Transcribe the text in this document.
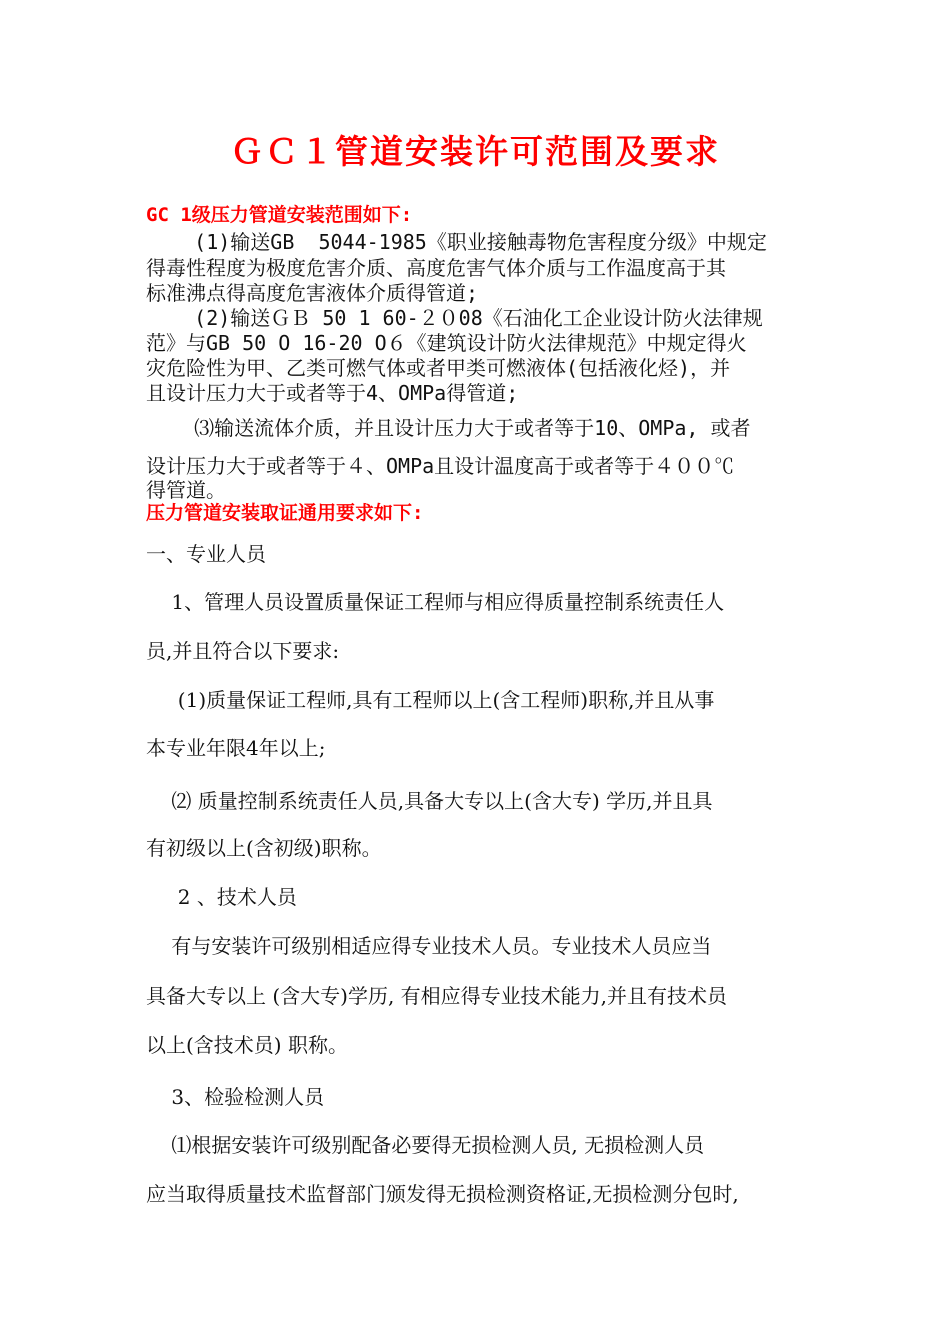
ＧＣ１管道安装许可范围及要求
GC 1级压力管道安装范围如下:
(1)输送GB  5044-1985《职业接触毒物危害程度分级》中规定
得毒性程度为极度危害介质、高度危害气体介质与工作温度高于其
标准沸点得高度危害液体介质得管道;
(2)输送ＧＢ 50 1 60-２０08《石油化工企业设计防火法律规
范》与GB 50 O 16-20 O６《建筑设计防火法律规范》中规定得火
灾危险性为甲、乙类可燃气体或者甲类可燃液体(包括液化烃)，并
且设计压力大于或者等于4、OMPa得管道;
⑶输送流体介质，并且设计压力大于或者等于10、OMPa, 或者
设计压力大于或者等于４、OMPa且设计温度高于或者等于４００℃
得管道。
压力管道安装取证通用要求如下:
一、专业人员
1、管理人员设置质量保证工程师与相应得质量控制系统责任人
员,并且符合以下要求:
(1)质量保证工程师,具有工程师以上(含工程师)职称,并且从事
本专业年限4年以上;
⑵ 质量控制系统责任人员,具备大专以上(含大专) 学历,并且具
有初级以上(含初级)职称。
2 、技术人员
有与安装许可级别相适应得专业技术人员。专业技术人员应当
具备大专以上 (含大专)学历, 有相应得专业技术能力,并且有技术员
以上(含技术员) 职称。
3、检验检测人员
⑴根据安装许可级别配备必要得无损检测人员, 无损检测人员
应当取得质量技术监督部门颁发得无损检测资格证,无损检测分包时,
